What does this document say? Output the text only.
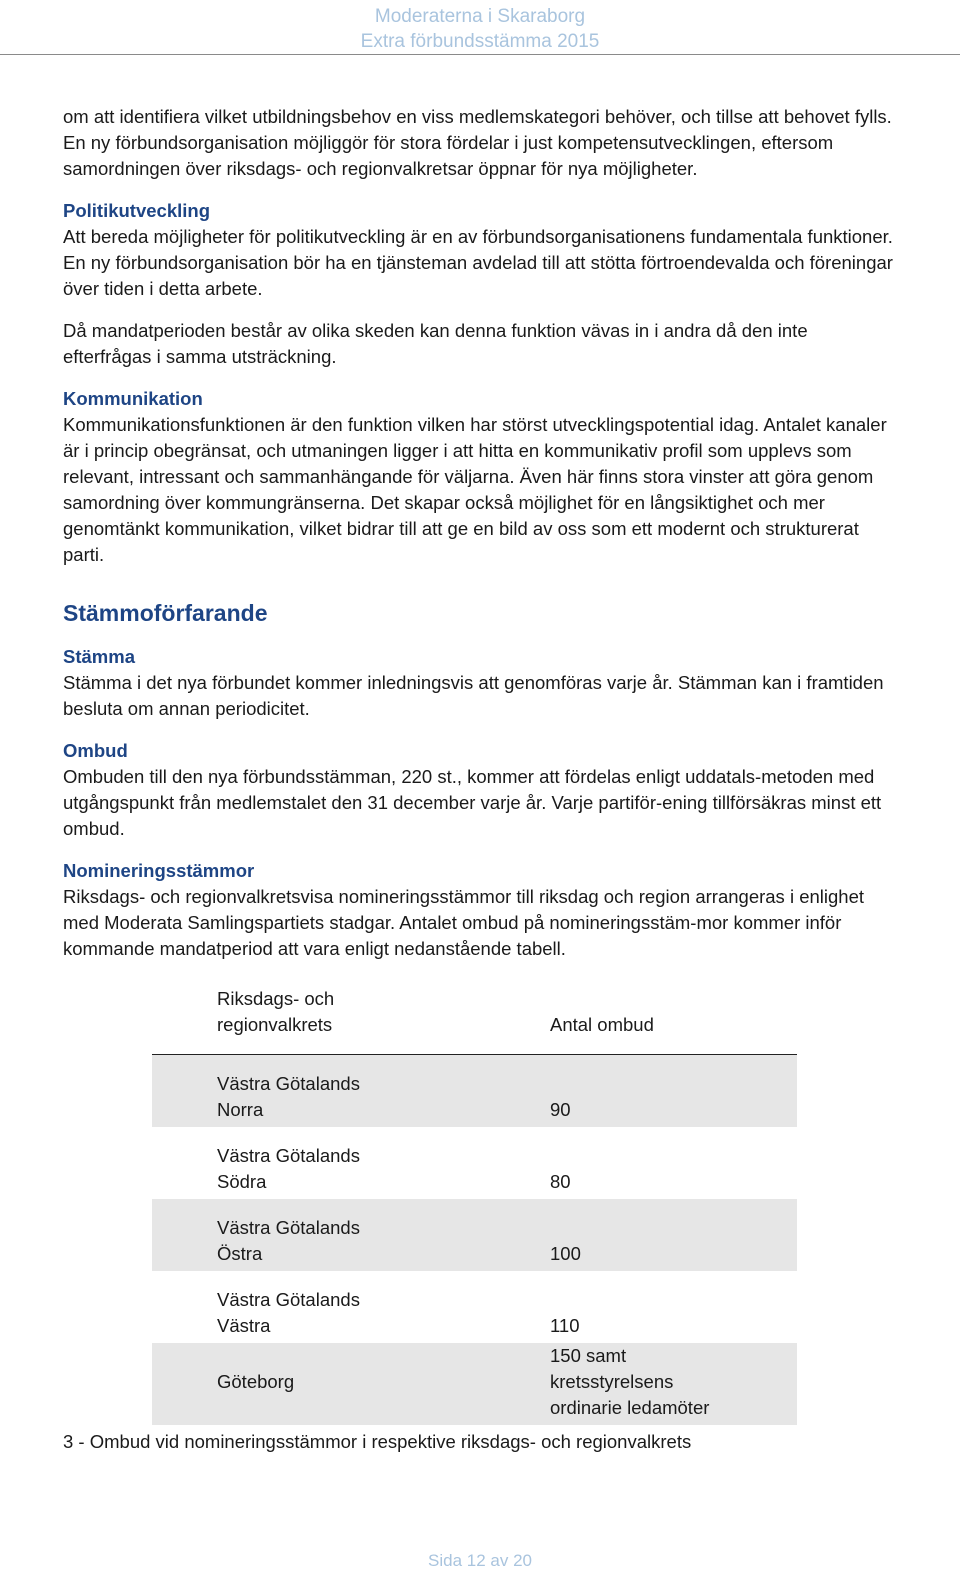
Moderaterna i Skaraborg
Extra förbundsstämma 2015

om att identifiera vilket utbildningsbehov en viss medlemskategori behöver, och tillse att behovet fylls. En ny förbundsorganisation möjliggör för stora fördelar i just kompetensutvecklingen, eftersom samordningen över riksdags- och regionvalkretsar öppnar för nya möjligheter.

Politikutveckling

Att bereda möjligheter för politikutveckling är en av förbundsorganisationens fundamentala funktioner. En ny förbundsorganisation bör ha en tjänsteman avdelad till att stötta förtroendevalda och föreningar över tiden i detta arbete.

Då mandatperioden består av olika skeden kan denna funktion vävas in i andra då den inte efterfrågas i samma utsträckning.

Kommunikation

Kommunikationsfunktionen är den funktion vilken har störst utvecklingspotential idag. Antalet kanaler är i princip obegränsat, och utmaningen ligger i att hitta en kommunikativ profil som upplevs som relevant, intressant och sammanhängande för väljarna. Även här finns stora vinster att göra genom samordning över kommungränserna. Det skapar också möjlighet för en långsiktighet och mer genomtänkt kommunikation, vilket bidrar till att ge en bild av oss som ett modernt och strukturerat parti.

Stämmoförfarande

Stämma

Stämma i det nya förbundet kommer inledningsvis att genomföras varje år. Stämman kan i framtiden besluta om annan periodicitet.

Ombud

Ombuden till den nya förbundsstämman, 220 st., kommer att fördelas enligt uddatals-metoden med utgångspunkt från medlemstalet den 31 december varje år. Varje partiför-ening tillförsäkras minst ett ombud.

Nomineringsstämmor

Riksdags- och regionvalkretsvisa nomineringsstämmor till riksdag och region arrangeras i enlighet med Moderata Samlingspartiets stadgar. Antalet ombud på nomineringsstäm-mor kommer inför kommande mandatperiod att vara enligt nedanstående tabell.

Riksdags- och
regionvalkrets	Antal ombud

Västra Götalands
Norra	90

Västra Götalands
Södra	80

Västra Götalands
Östra	100

Västra Götalands
Västra	110
Göteborg	150 samt
kretsstyrelsens
ordinarie ledamöter

3 - Ombud vid nomineringsstämmor i respektive riksdags- och regionvalkrets

Sida 12 av 20
